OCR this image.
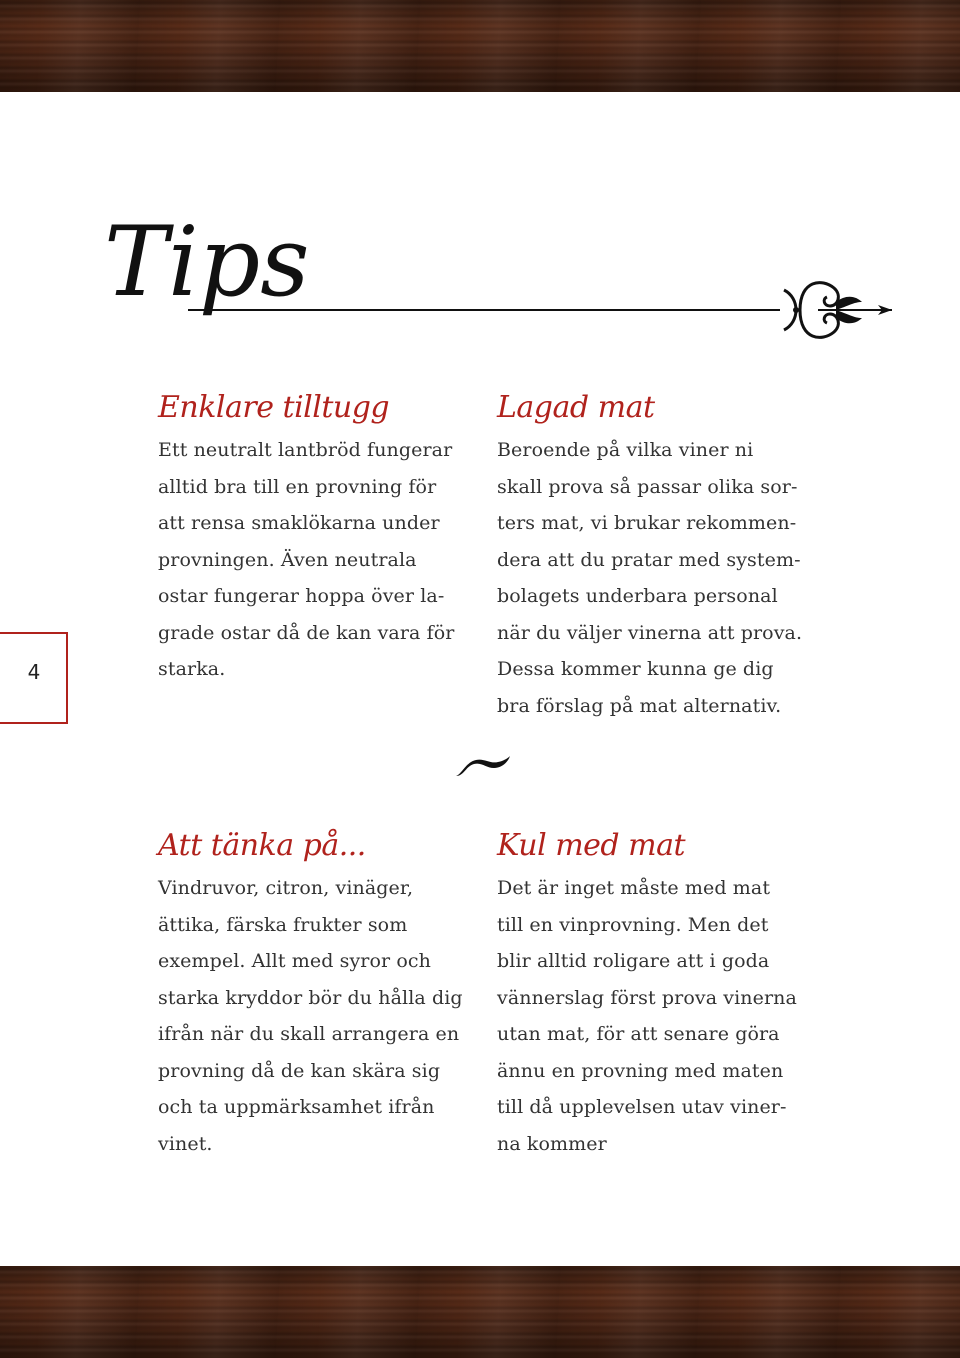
Tips
Enklare tilltugg
Ett neutralt lantbröd fungerar
alltid bra till en provning för
att rensa smaklökarna under
provningen. Även neutrala
ostar fungerar hoppa över la-
grade ostar då de kan vara för
starka.
Lagad mat
Beroende på vilka viner ni
skall prova så passar olika sor-
ters mat, vi brukar rekommen-
dera att du pratar med system-
bolagets underbara personal
när du väljer vinerna att prova.
Dessa kommer kunna ge dig
bra förslag på mat alternativ.
4
Att tänka på...
Vindruvor, citron, vinäger,
ättika, färska frukter som
exempel. Allt med syror och
starka kryddor bör du hålla dig
ifrån när du skall arrangera en
provning då de kan skära sig
och ta uppmärksamhet ifrån
vinet.
Kul med mat
Det är inget måste med mat
till en vinprovning. Men det
blir alltid roligare att i goda
vännerslag först prova vinerna
utan mat, för att senare göra
ännu en provning med maten
till då upplevelsen utav viner-
na kommer
